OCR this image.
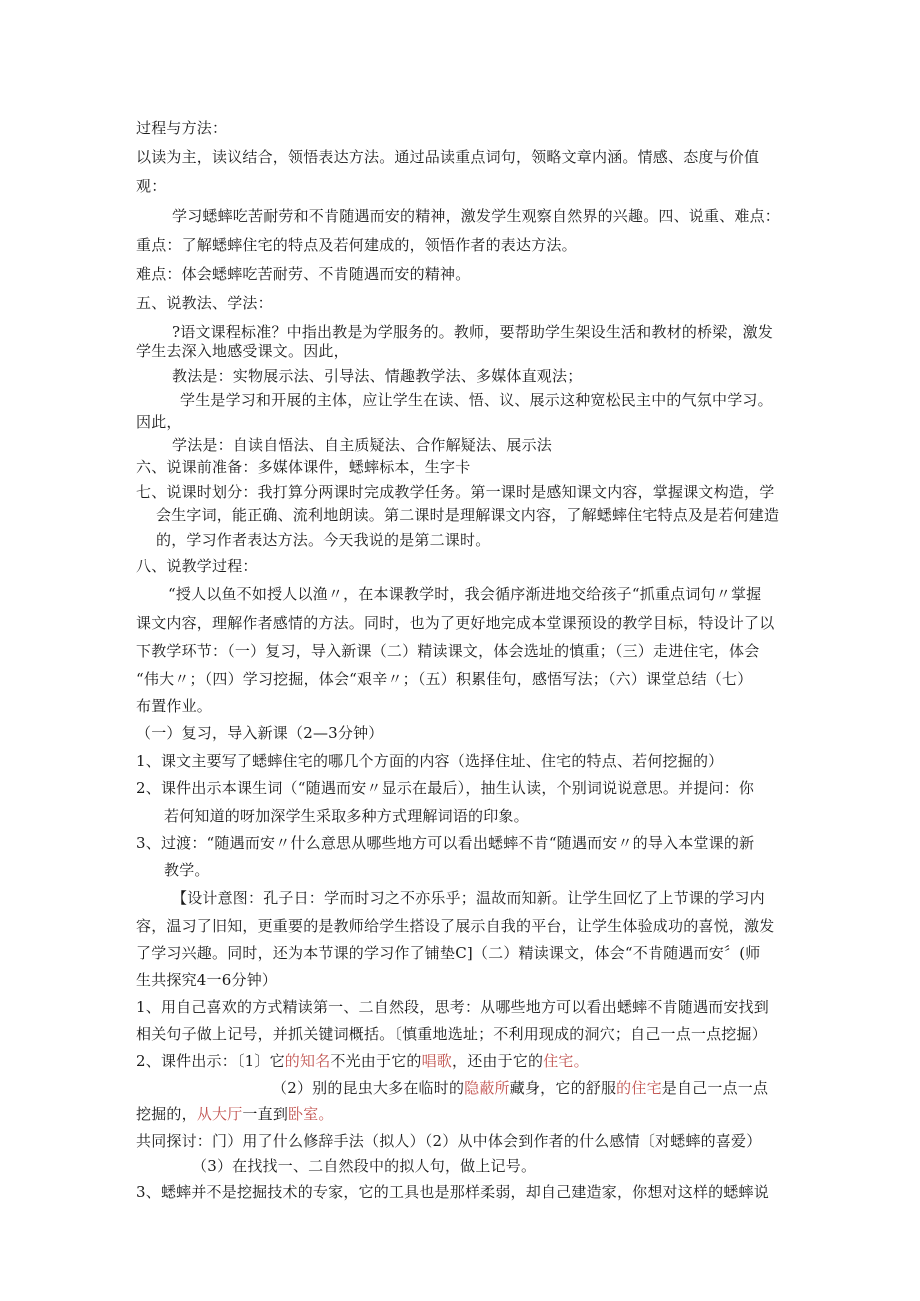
过程与方法：
以读为主，读议结合，领悟表达方法。通过品读重点词句，领略文章内涵。情感、态度与价值
观：
学习蟋蟀吃苦耐劳和不肯随遇而安的精神，激发学生观察自然界的兴趣。四、说重、难点：
重点：了解蟋蟀住宅的特点及若何建成的，领悟作者的表达方法。
难点：体会蟋蟀吃苦耐劳、不肯随遇而安的精神。
五、说教法、学法：
?语文课程标准？中指出教是为学服务的。教师，要帮助学生架设生活和教材的桥梁，激发
学生去深入地感受课文。因此，
教法是：实物展示法、引导法、情趣教学法、多媒体直观法；
学生是学习和开展的主体，应让学生在读、悟、议、展示这种宽松民主中的气氛中学习。
因此，
学法是：自读自悟法、自主质疑法、合作解疑法、展示法
六、说课前准备：多媒体课件，蟋蟀标本，生字卡
七、说课时划分：我打算分两课时完成教学任务。第一课时是感知课文内容，掌握课文构造，学
会生字词，能正确、流利地朗读。第二课时是理解课文内容，了解蟋蟀住宅特点及是若何建造
的，学习作者表达方法。今天我说的是第二课时。
八、说教学过程：
“授人以鱼不如授人以渔〃，在本课教学时，我会循序渐进地交给孩子“抓重点词句〃掌握
课文内容，理解作者感情的方法。同时，也为了更好地完成本堂课预设的教学目标，特设计了以
下教学环节：（一）复习，导入新课（二）精读课文，体会选址的慎重；（三）走进住宅，体会
“伟大〃；（四）学习挖掘，体会“艰辛〃；（五）积累佳句，感悟写法；（六）课堂总结（七）
布置作业。
（一）复习，导入新课（2—3分钟）
1、课文主要写了蟋蟀住宅的哪几个方面的内容（选择住址、住宅的特点、若何挖掘的）
2、课件出示本课生词（“随遇而安〃显示在最后），抽生认读，个别词说说意思。并提问：你
若何知道的呀加深学生采取多种方式理解词语的印象。
3、过渡：“随遇而安〃什么意思从哪些地方可以看出蟋蟀不肯“随遇而安〃的导入本堂课的新
教学。
【设计意图：孔子日：学而时习之不亦乐乎；温故而知新。让学生回忆了上节课的学习内
容，温习了旧知，更重要的是教师给学生搭设了展示自我的平台，让学生体验成功的喜悦，激发
了学习兴趣。同时，还为本节课的学习作了铺垫C]（二）精读课文，体会“不肯随遇而安〞(师
生共探究4一6分钟）
1、用自己喜欢的方式精读第一、二自然段，思考：从哪些地方可以看出蟋蟀不肯随遇而安找到
相关句子做上记号，并抓关键词概括。〔慎重地选址；不利用现成的洞穴；自己一点一点挖掘）
2、课件出示：〔1〕它的知名不光由于它的唱歌，还由于它的住宅。
（2）别的昆虫大多在临时的隐蔽所藏身，它的舒服的住宅是自己一点一点
挖掘的，从大厅一直到卧室。
共同探讨：门）用了什么修辞手法（拟人）（2）从中体会到作者的什么感情〔对蟋蟀的喜爱）
（3）在找找一、二自然段中的拟人句，做上记号。
3、蟋蟀并不是挖掘技术的专家，它的工具也是那样柔弱，却自己建造家，你想对这样的蟋蟀说
